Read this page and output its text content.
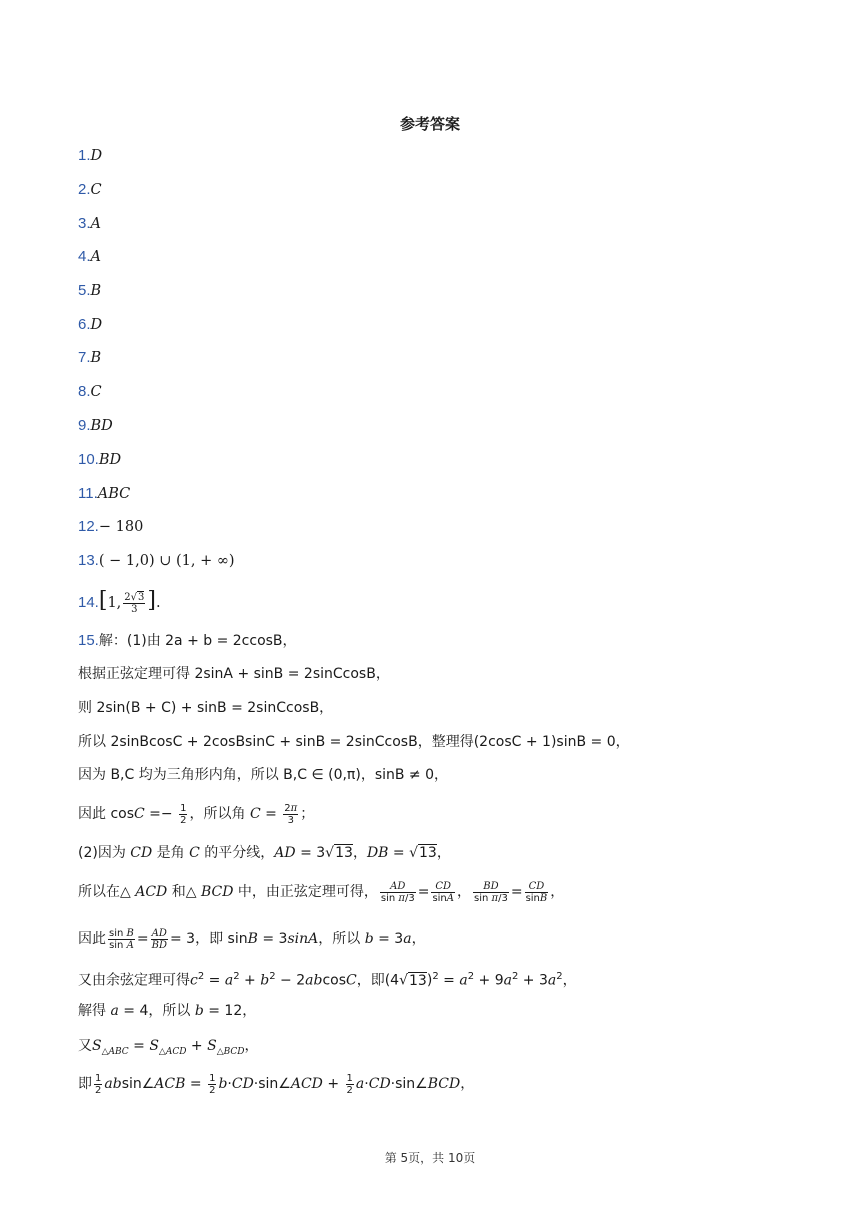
参考答案
1.D
2.C
3.A
4.A
5.B
6.D
7.B
8.C
9.BD
10.BD
11.ABC
12.− 180
13.( − 1,0) ∪ (1, + ∞)
14.[1, $\frac{2√3}{3}$ ].
15.解：(1)由 2a + b = 2ccosB，
根据正弦定理可得 2sinA + sinB = 2sinCcosB，
则 2sin(B + C) + sinB = 2sinCcosB，
所以 2sinBcosC + 2cosBsinC + sinB = 2sinCcosB，整理得(2cosC + 1)sinB = 0，
因为 B,C 均为三角形内角，所以 B,C ∈ (0,π)，sinB ≠ 0，
因此 $\cos C =- \frac{1}{2}$ ，所以角 $C = \frac{2\pi}{3}$ ；
(2)因为 CD 是角 C 的平分线，AD = 3√13，DB = √13，
所以在△ ACD 和△ BCD 中，由正弦定理可得， $\frac{AD}{\text{sin π/3}} = \frac{CD}{\sin A}$ ， $\frac{BD}{\text{sin π/3}} = \frac{CD}{\sin B}$ ，
因此 $\frac{\text{sin B}}{\text{sin A}} = \frac{AD}{BD} = 3$，即 sinB = 3sinA，所以 b = 3a，
又由余弦定理可得$c^2 = a^2 + b^2 - 2abcosC$，即$(4√13)^2 = a^2 + 9a^2 + 3a^2$，
解得 a = 4，所以 b = 12，
又$S_{\triangle ABC} = S_{\triangle ACD} + S_{\triangle BCD}$，
即 $\frac{1}{2}$ absin∠ACB = $\frac{1}{2}$ b·CD·sin∠ACD + $\frac{1}{2}$ a·CD·sin∠BCD，
第 5页，共 10页
